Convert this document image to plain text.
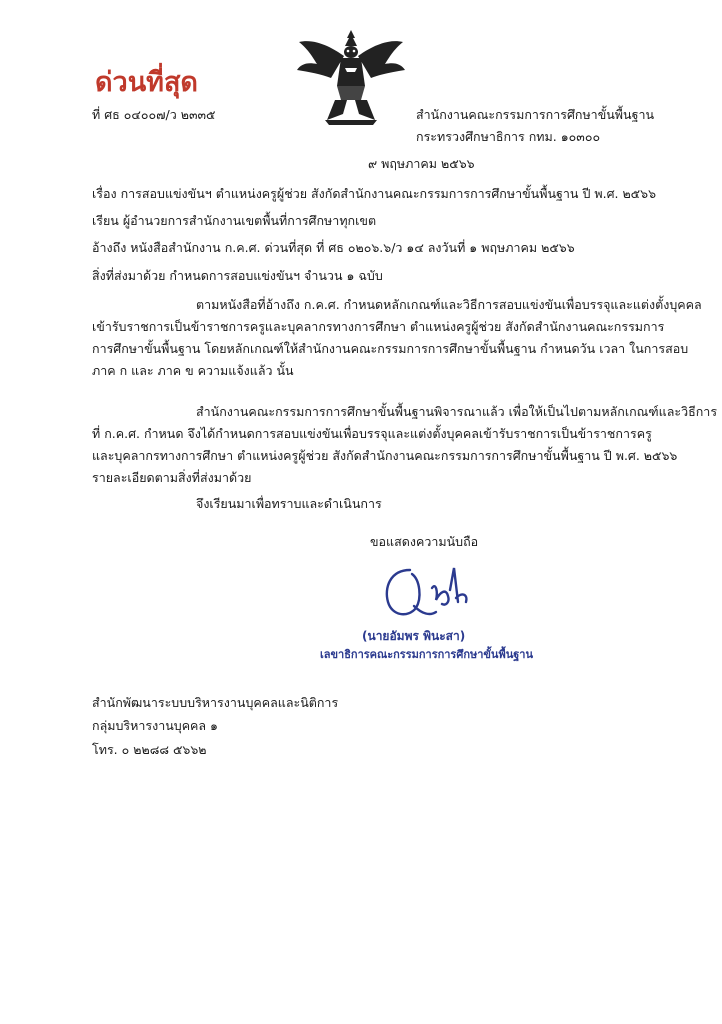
ด่วนที่สุด
ที่ ศธ ๐๔๐๐๗/ว ๒๓๓๕	สำนักงานคณะกรรมการการศึกษาขั้นพื้นฐาน
กระทรวงศึกษาธิการ กทม. ๑๐๓๐๐
๙ พฤษภาคม ๒๕๖๖
เรื่อง การสอบแข่งขันฯ ตำแหน่งครูผู้ช่วย สังกัดสำนักงานคณะกรรมการการศึกษาขั้นพื้นฐาน ปี พ.ศ. ๒๕๖๖
เรียน ผู้อำนวยการสำนักงานเขตพื้นที่การศึกษาทุกเขต
อ้างถึง หนังสือสำนักงาน ก.ค.ศ. ด่วนที่สุด ที่ ศธ ๐๒๐๖.๖/ว ๑๔ ลงวันที่ ๑ พฤษภาคม ๒๕๖๖
สิ่งที่ส่งมาด้วย กำหนดการสอบแข่งขันฯ จำนวน ๑ ฉบับ
ตามหนังสือที่อ้างถึง ก.ค.ศ. กำหนดหลักเกณฑ์และวิธีการสอบแข่งขันเพื่อบรรจุและแต่งตั้งบุคคล
เข้ารับราชการเป็นข้าราชการครูและบุคลากรทางการศึกษา ตำแหน่งครูผู้ช่วย สังกัดสำนักงานคณะกรรมการ
การศึกษาขั้นพื้นฐาน โดยหลักเกณฑ์ให้สำนักงานคณะกรรมการการศึกษาขั้นพื้นฐาน กำหนดวัน เวลา ในการสอบ
ภาค ก และ ภาค ข ความแจ้งแล้ว นั้น
สำนักงานคณะกรรมการการศึกษาขั้นพื้นฐานพิจารณาแล้ว เพื่อให้เป็นไปตามหลักเกณฑ์และวิธีการ
ที่ ก.ค.ศ. กำหนด จึงได้กำหนดการสอบแข่งขันเพื่อบรรจุและแต่งตั้งบุคคลเข้ารับราชการเป็นข้าราชการครู
และบุคลากรทางการศึกษา ตำแหน่งครูผู้ช่วย สังกัดสำนักงานคณะกรรมการการศึกษาขั้นพื้นฐาน ปี พ.ศ. ๒๕๖๖
รายละเอียดตามสิ่งที่ส่งมาด้วย
จึงเรียนมาเพื่อทราบและดำเนินการ
ขอแสดงความนับถือ
(นายอัมพร พินะสา)
เลขาธิการคณะกรรมการการศึกษาขั้นพื้นฐาน
สำนักพัฒนาระบบบริหารงานบุคคลและนิติการ
กลุ่มบริหารงานบุคคล ๑
โทร. ๐ ๒๒๘๘ ๕๖๖๒
